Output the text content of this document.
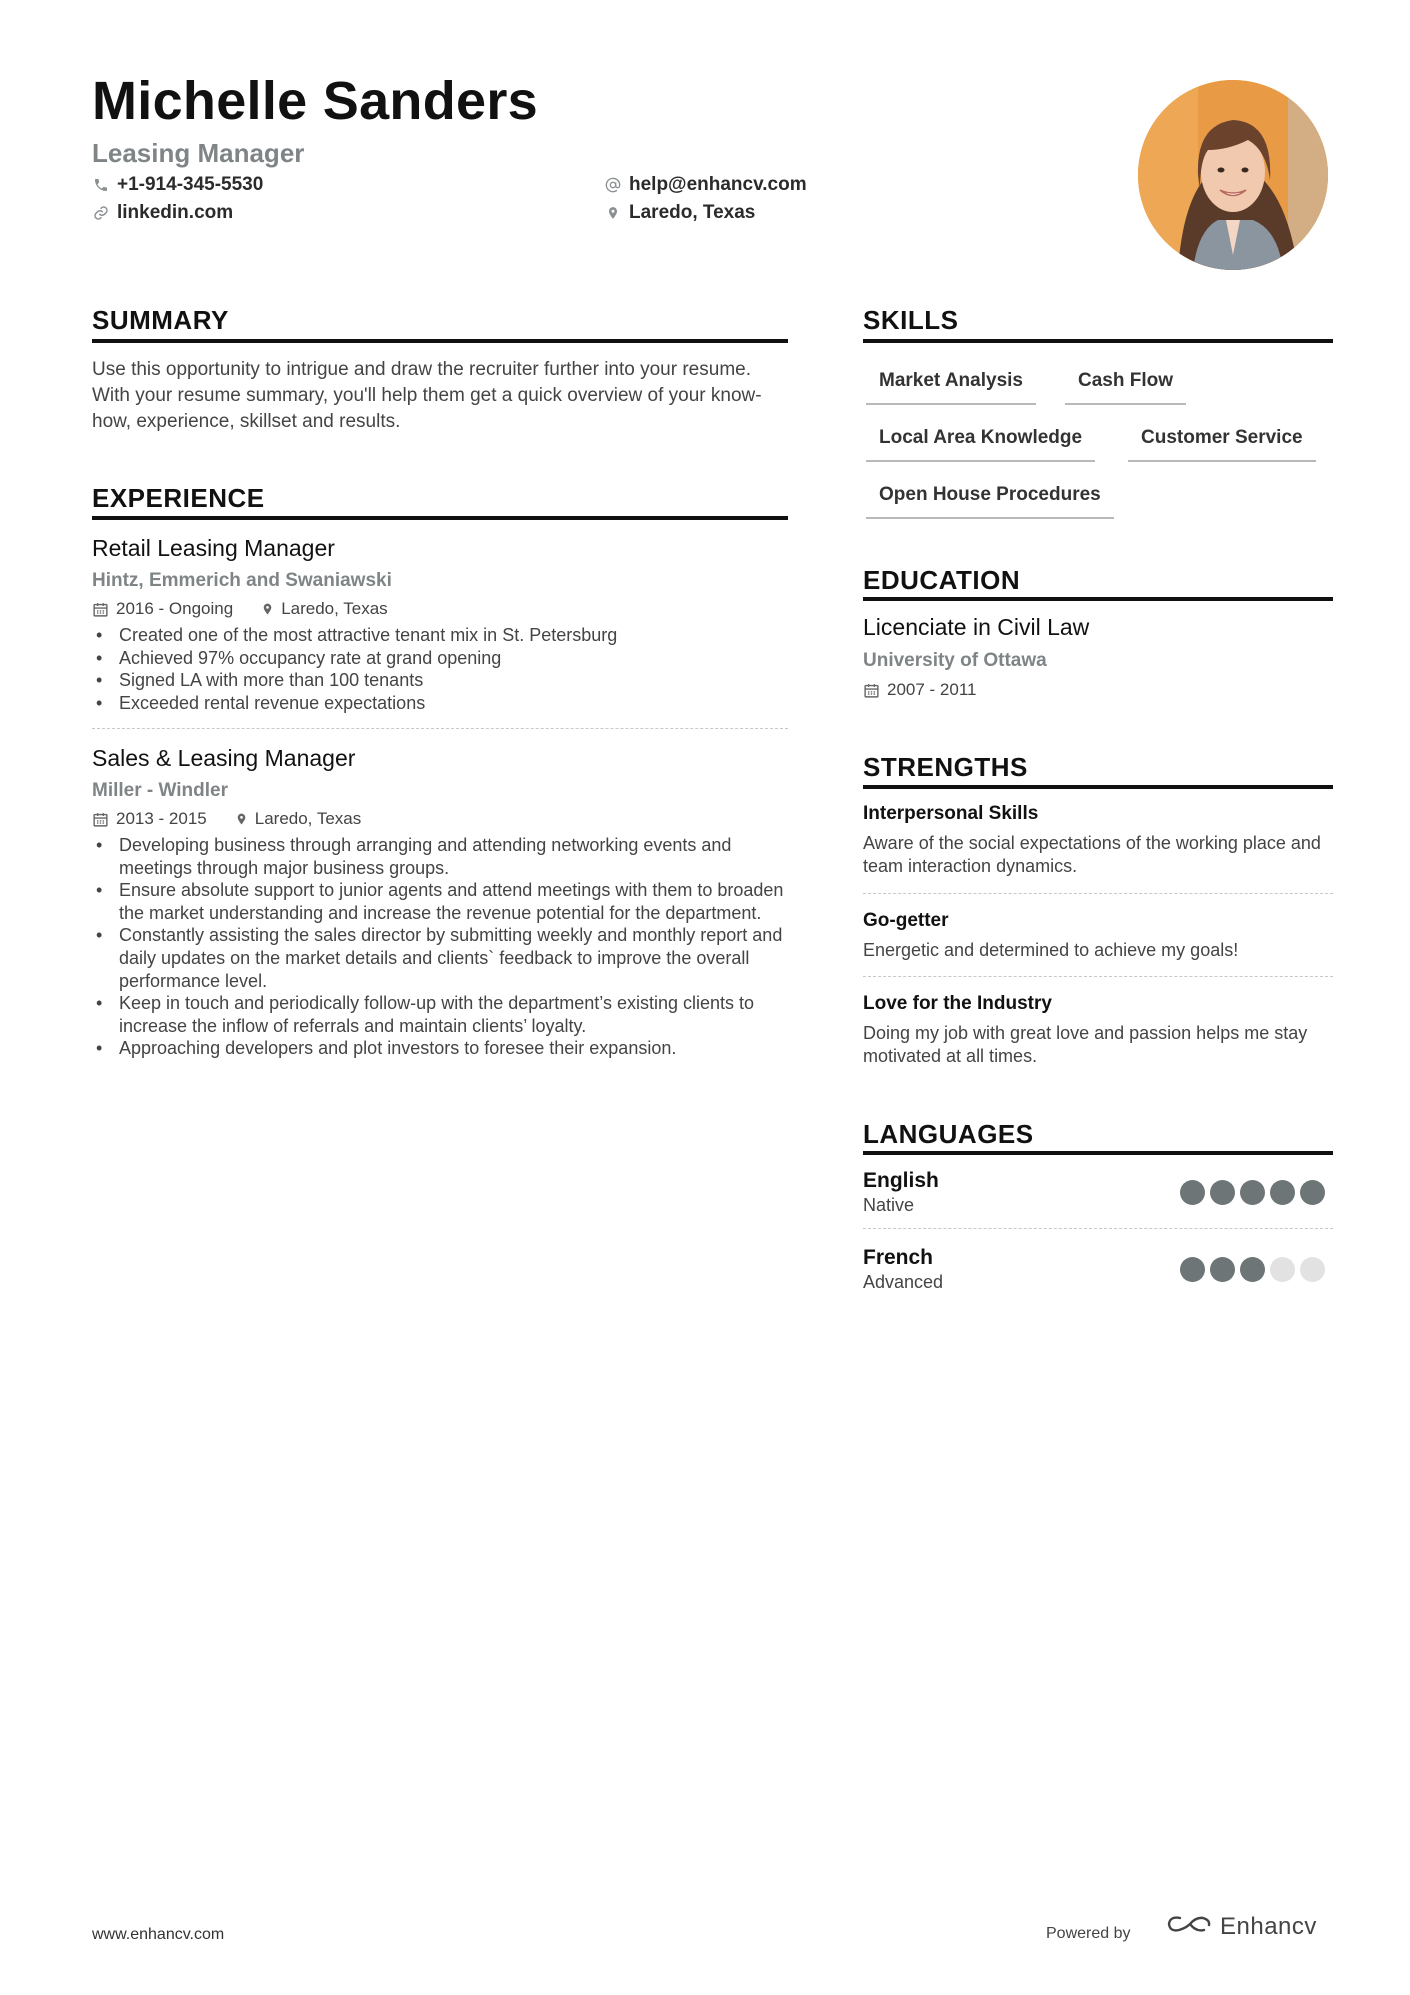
Michelle Sanders
Leasing Manager
+1-914-345-5530
linkedin.com
help@enhancv.com
Laredo, Texas
SUMMARY
Use this opportunity to intrigue and draw the recruiter further into your resume. With your resume summary, you'll help them get a quick overview of your know-how, experience, skillset and results.
EXPERIENCE
Retail Leasing Manager
Hintz, Emmerich and Swaniawski
2016 - Ongoing	Laredo, Texas
• Created one of the most attractive tenant mix in St. Petersburg
• Achieved 97% occupancy rate at grand opening
• Signed LA with more than 100 tenants
• Exceeded rental revenue expectations
Sales & Leasing Manager
Miller - Windler
2013 - 2015	Laredo, Texas
• Developing business through arranging and attending networking events and meetings through major business groups.
• Ensure absolute support to junior agents and attend meetings with them to broaden the market understanding and increase the revenue potential for the department.
• Constantly assisting the sales director by submitting weekly and monthly report and daily updates on the market details and clients` feedback to improve the overall performance level.
• Keep in touch and periodically follow-up with the department’s existing clients to increase the inflow of referrals and maintain clients’ loyalty.
• Approaching developers and plot investors to foresee their expansion.
SKILLS
Market Analysis	Cash Flow
Local Area Knowledge	Customer Service
Open House Procedures
EDUCATION
Licenciate in Civil Law
University of Ottawa
2007 - 2011
STRENGTHS
Interpersonal Skills
Aware of the social expectations of the working place and team interaction dynamics.
Go-getter
Energetic and determined to achieve my goals!
Love for the Industry
Doing my job with great love and passion helps me stay motivated at all times.
LANGUAGES
English
Native
French
Advanced
www.enhancv.com	Powered by	Enhancv
